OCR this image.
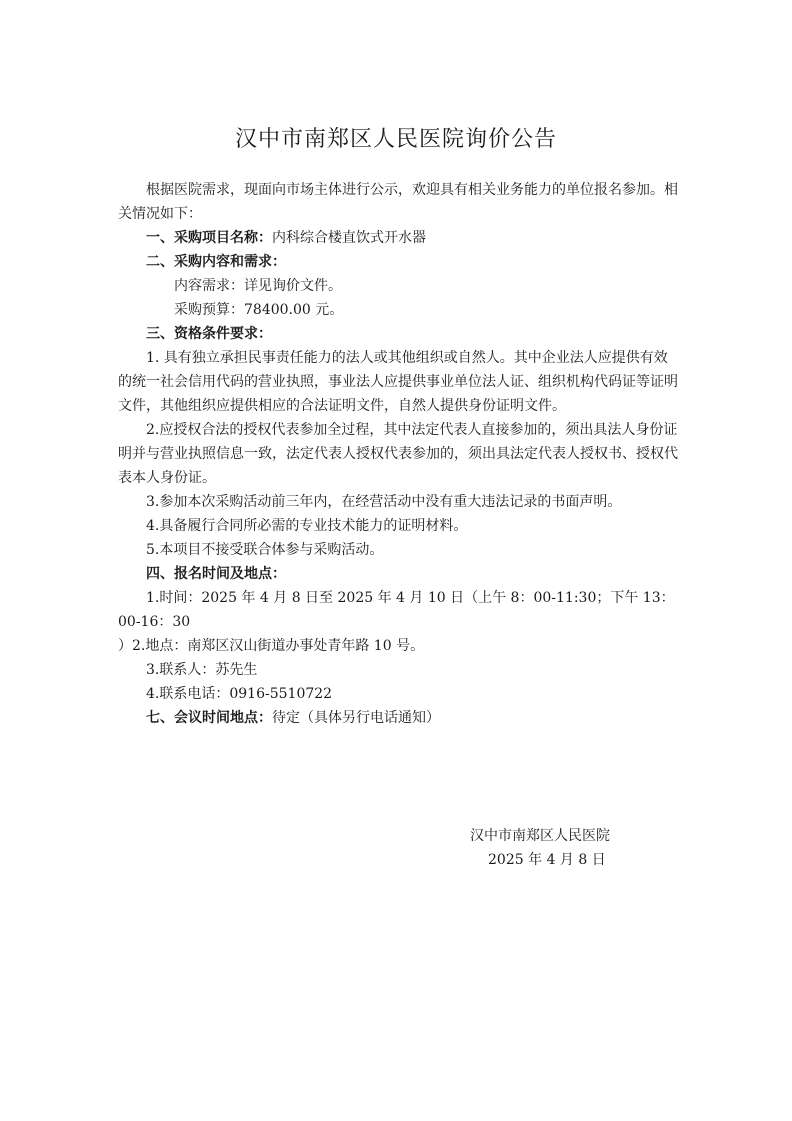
汉中市南郑区人民医院询价公告

根据医院需求，现面向市场主体进行公示，欢迎具有相关业务能力的单位报名参加。相关情况如下：

一、采购项目名称：内科综合楼直饮式开水器

二、采购内容和需求：

内容需求：详见询价文件。

采购预算：78400.00 元。

三、资格条件要求：

1. 具有独立承担民事责任能力的法人或其他组织或自然人。其中企业法人应提供有效的统一社会信用代码的营业执照，事业法人应提供事业单位法人证、组织机构代码证等证明文件，其他组织应提供相应的合法证明文件，自然人提供身份证明文件。

2.应授权合法的授权代表参加全过程，其中法定代表人直接参加的，须出具法人身份证明并与营业执照信息一致，法定代表人授权代表参加的，须出具法定代表人授权书、授权代表本人身份证。

3.参加本次采购活动前三年内，在经营活动中没有重大违法记录的书面声明。

4.具备履行合同所必需的专业技术能力的证明材料。

5.本项目不接受联合体参与采购活动。

四、报名时间及地点：

1.时间：2025 年 4 月 8 日至 2025 年 4 月 10 日（上午 8：00-11:30；下午 13：00-16：30

）2.地点：南郑区汉山街道办事处青年路 10 号。

3.联系人：苏先生

4.联系电话：0916-5510722

七、会议时间地点：待定（具体另行电话通知）

汉中市南郑区人民医院
2025 年 4 月 8 日
